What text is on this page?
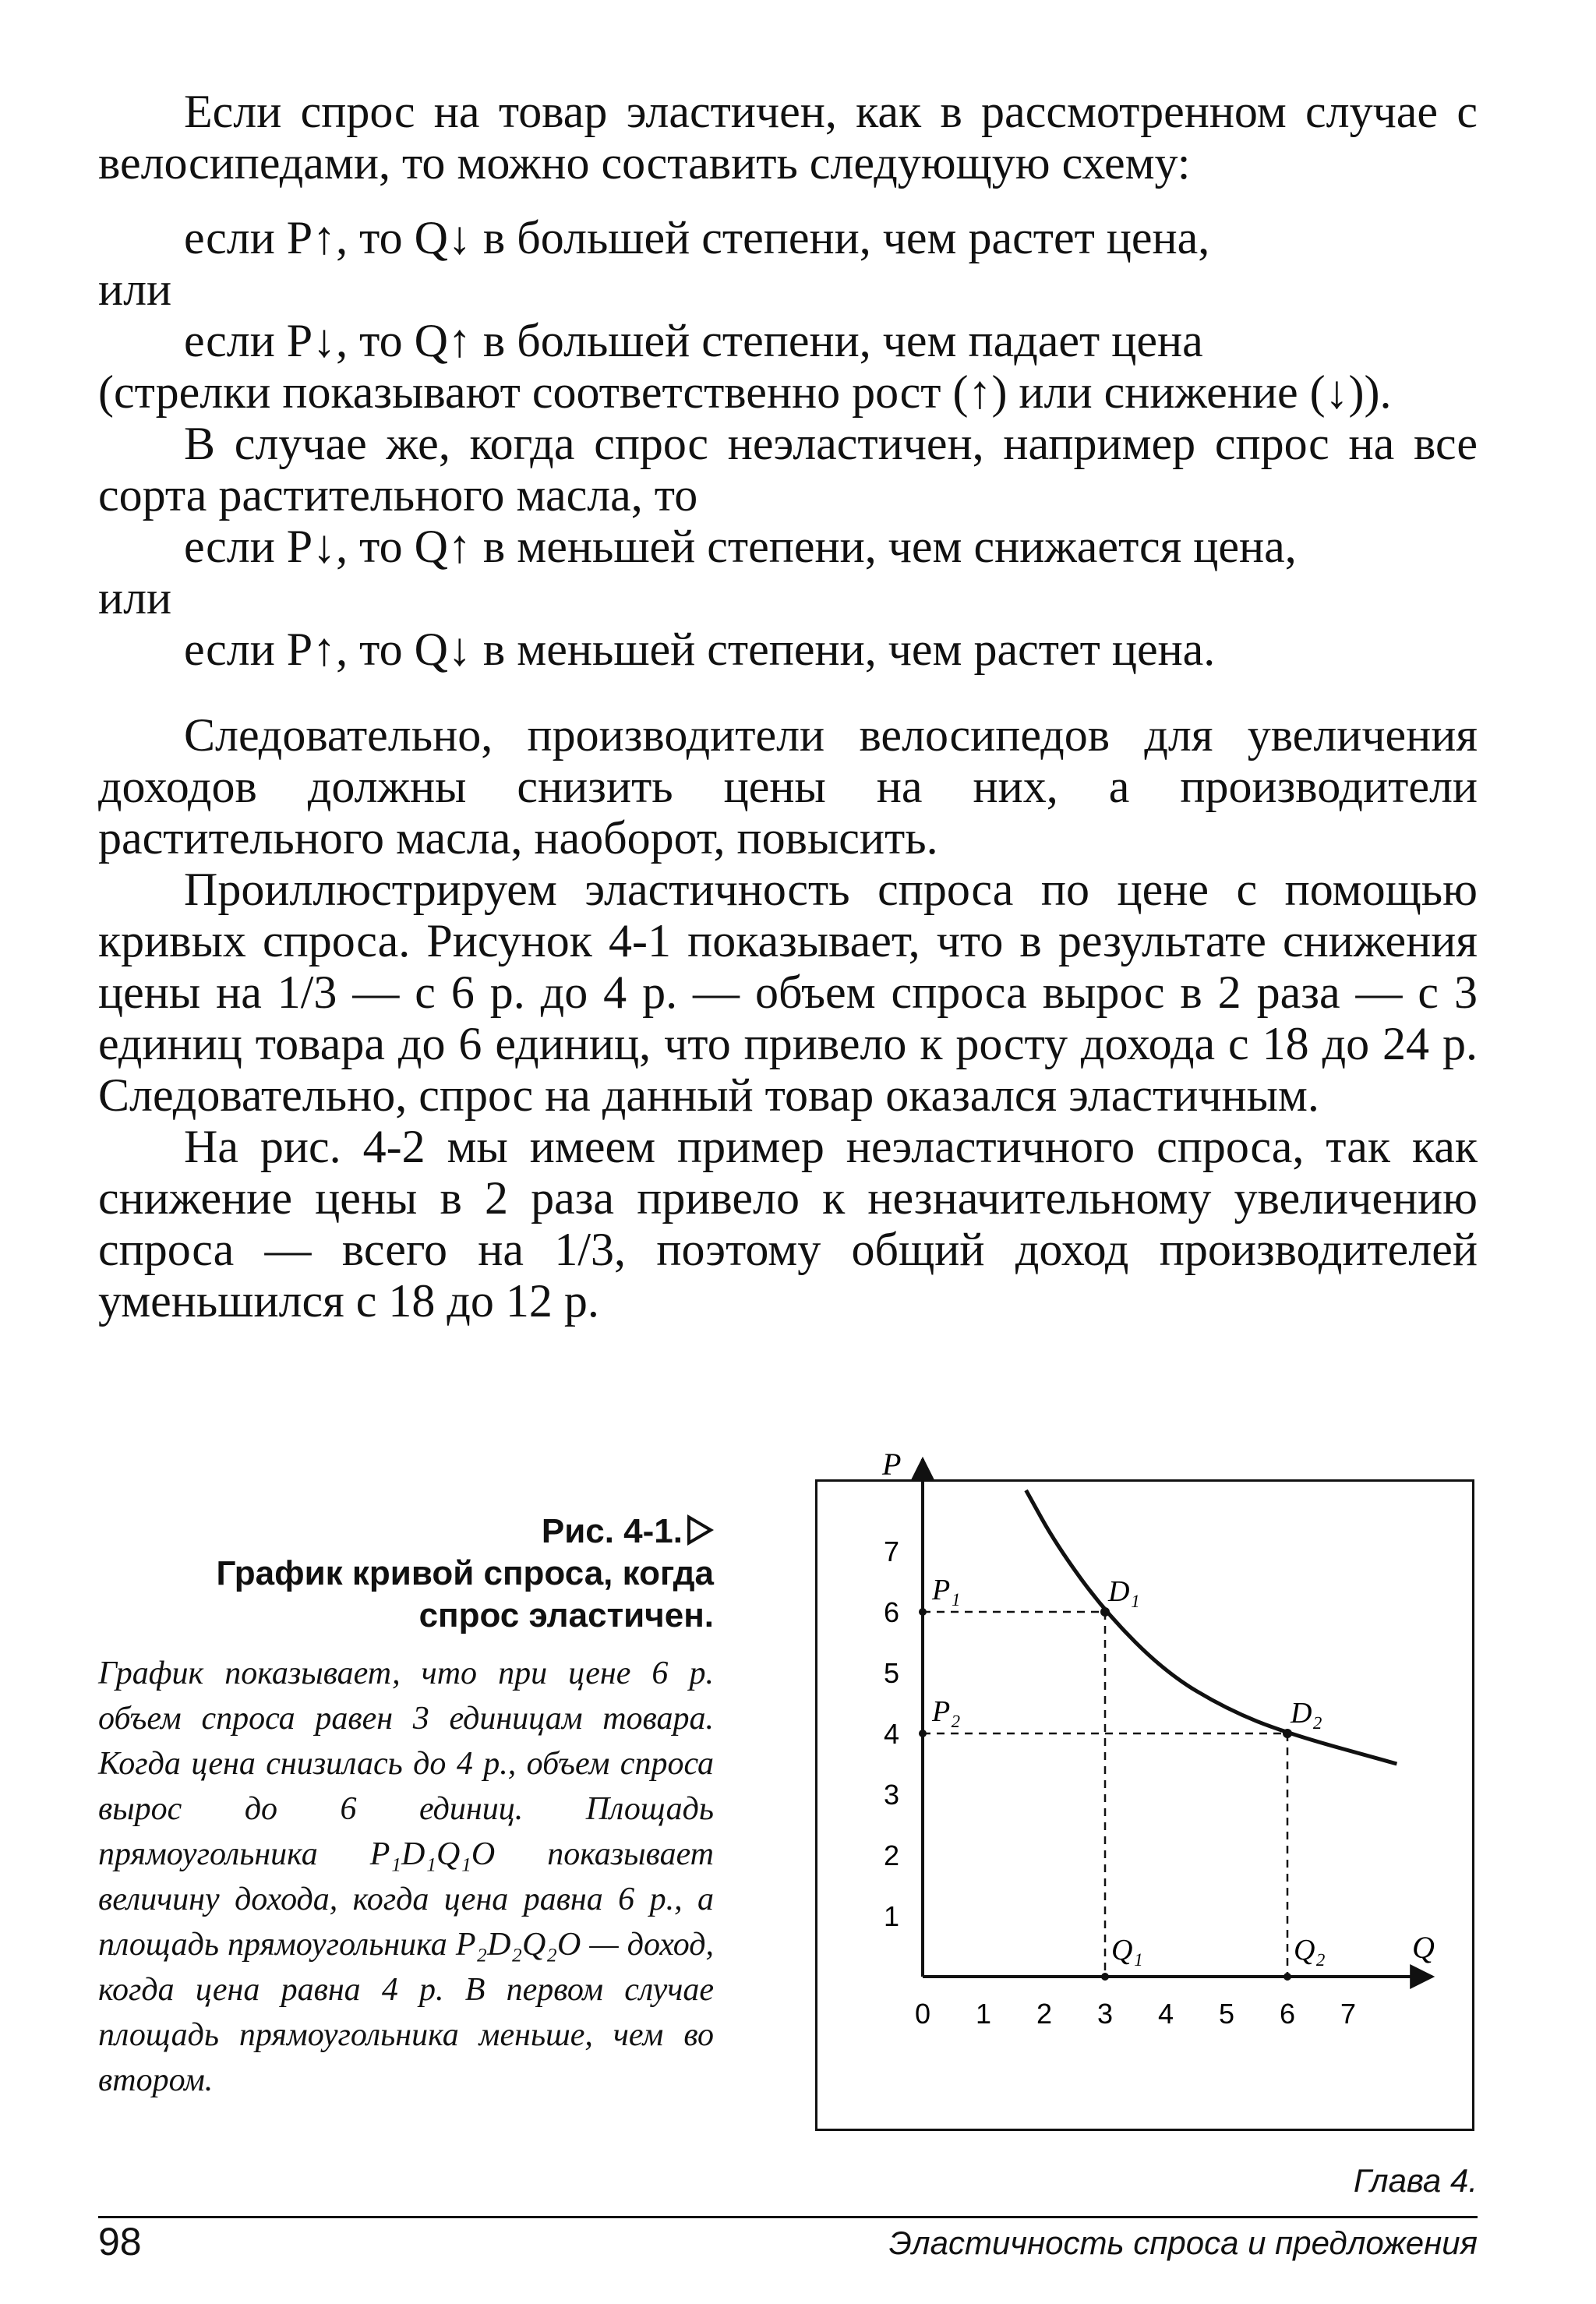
Если спрос на товар эластичен, как в рассмотренном случае с велосипедами, то можно составить следующую схему:

если P↑, то Q↓ в большей степени, чем растет цена,

или

если P↓, то Q↑ в большей степени, чем падает цена

(стрелки показывают соответственно рост (↑) или снижение (↓)).

В случае же, когда спрос неэластичен, например спрос на все сорта растительного масла, то

если P↓, то Q↑ в меньшей степени, чем снижается цена,

или

если P↑, то Q↓ в меньшей степени, чем растет цена.

Следовательно, производители велосипедов для увеличения доходов должны снизить цены на них, а производители растительного масла, наоборот, повысить.

Проиллюстрируем эластичность спроса по цене с помощью кривых спроса. Рисунок 4-1 показывает, что в результате снижения цены на 1/3 — с 6 р. до 4 р. — объем спроса вырос в 2 раза — с 3 единиц товара до 6 единиц, что привело к росту дохода с 18 до 24 р. Следовательно, спрос на данный товар оказался эластичным.

На рис. 4-2 мы имеем пример неэластичного спроса, так как снижение цены в 2 раза привело к незначительному увеличению спроса — всего на 1/3, поэтому общий доход производителей уменьшился с 18 до 12 р.

Рис. 4-1.
График кривой спроса, когда
спрос эластичен.
График показывает, что при цене 6 р. объем спроса равен 3 единицам товара. Когда цена снизилась до 4 р., объем спроса вырос до 6 единиц. Площадь прямоугольника P₁D₁Q₁O показывает величину дохода, когда цена равна 6 р., а площадь прямоугольника P₂D₂Q₂O — доход, когда цена равна 4 р. В первом случае площадь прямоугольника меньше, чем во втором.
P
Q
0 1 2 3 4 5 6 7
1
2
3
4
5
6
7
D₁
D₂
P₁
P₂
Q₁	Q₂
Глава 4.
98	Эластичность спроса и предложения
